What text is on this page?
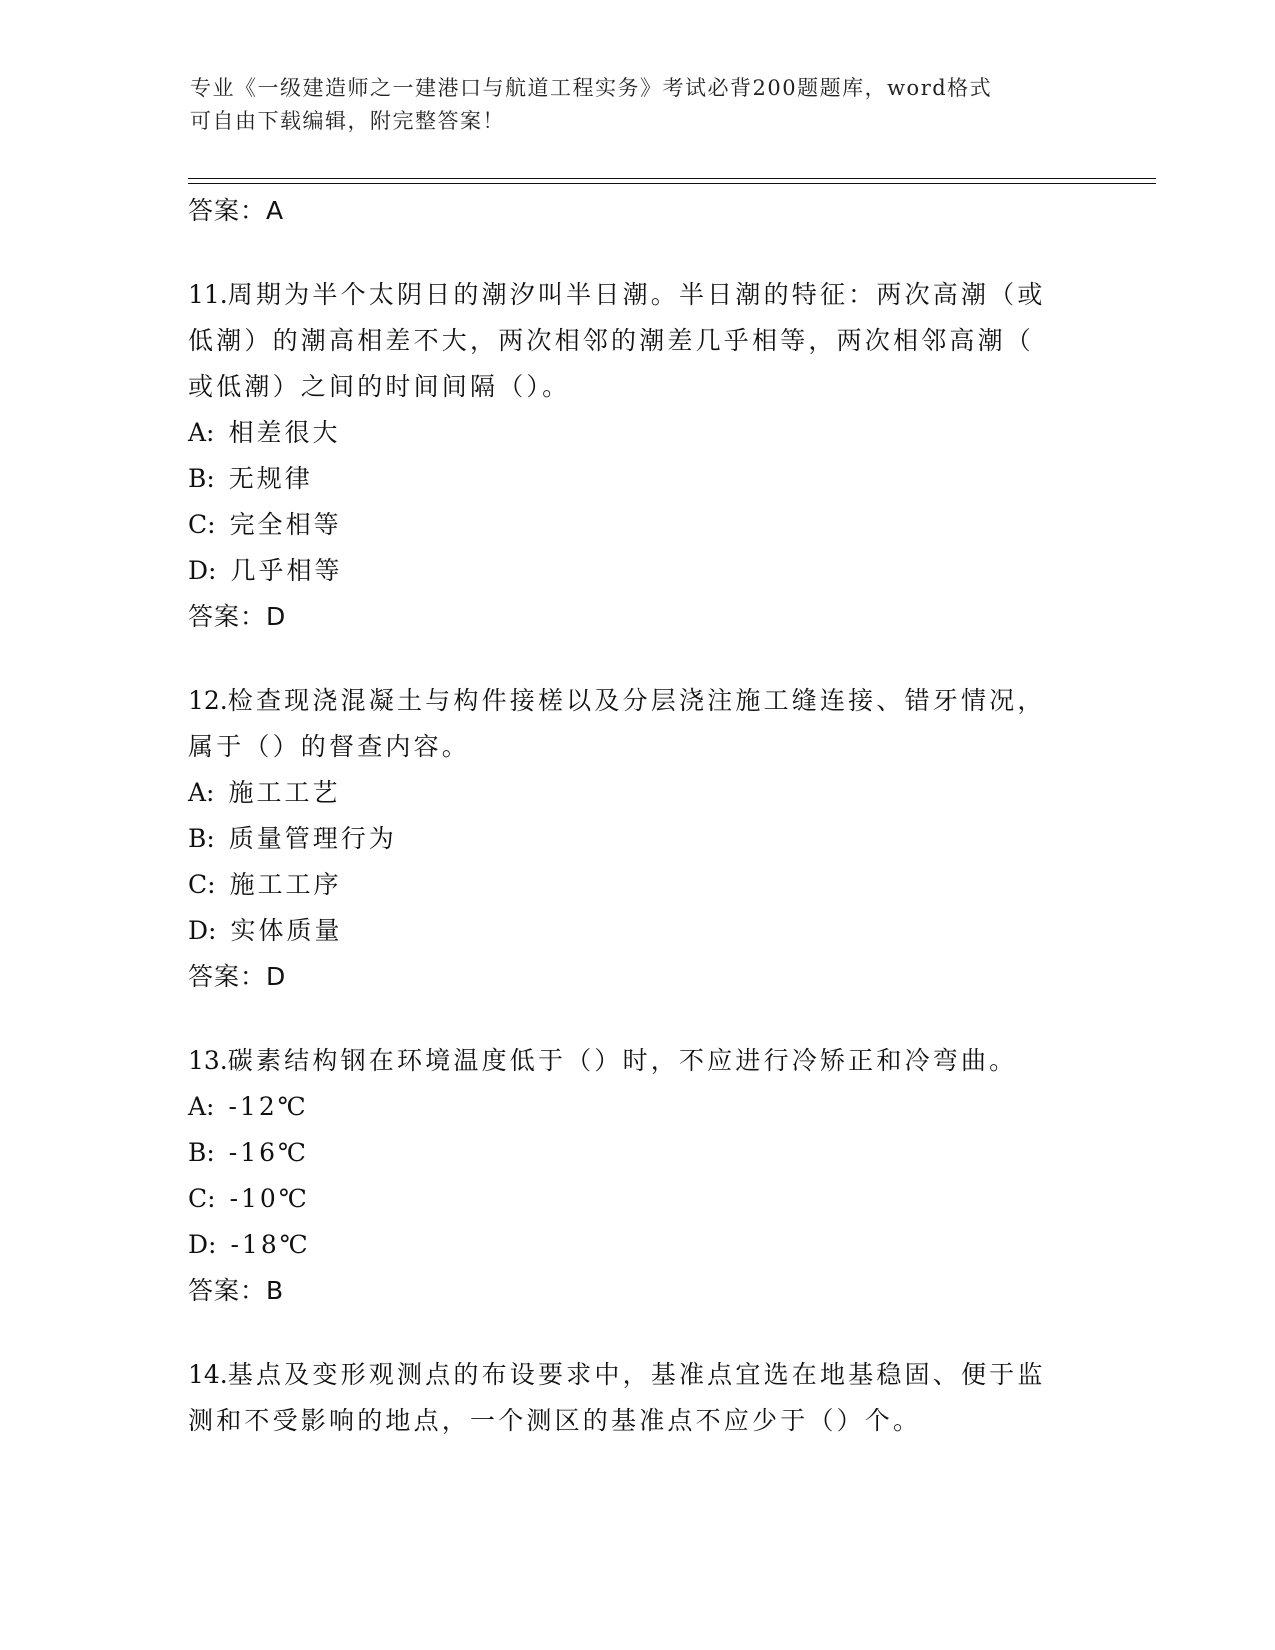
专业《一级建造师之一建港口与航道工程实务》考试必背200题题库，word格式
可自由下载编辑，附完整答案！
答案：A
11.周期为半个太阴日的潮汐叫半日潮。半日潮的特征：两次高潮（或
低潮）的潮高相差不大，两次相邻的潮差几乎相等，两次相邻高潮（
或低潮）之间的时间间隔（）。
A: 相差很大
B: 无规律
C: 完全相等
D: 几乎相等
答案：D
12.检查现浇混凝土与构件接槎以及分层浇注施工缝连接、错牙情况，
属于（）的督查内容。
A: 施工工艺
B: 质量管理行为
C: 施工工序
D: 实体质量
答案：D
13.碳素结构钢在环境温度低于（）时，不应进行冷矫正和冷弯曲。
A: -12℃
B: -16℃
C: -10℃
D: -18℃
答案：B
14.基点及变形观测点的布设要求中，基准点宜选在地基稳固、便于监
测和不受影响的地点，一个测区的基准点不应少于（）个。
